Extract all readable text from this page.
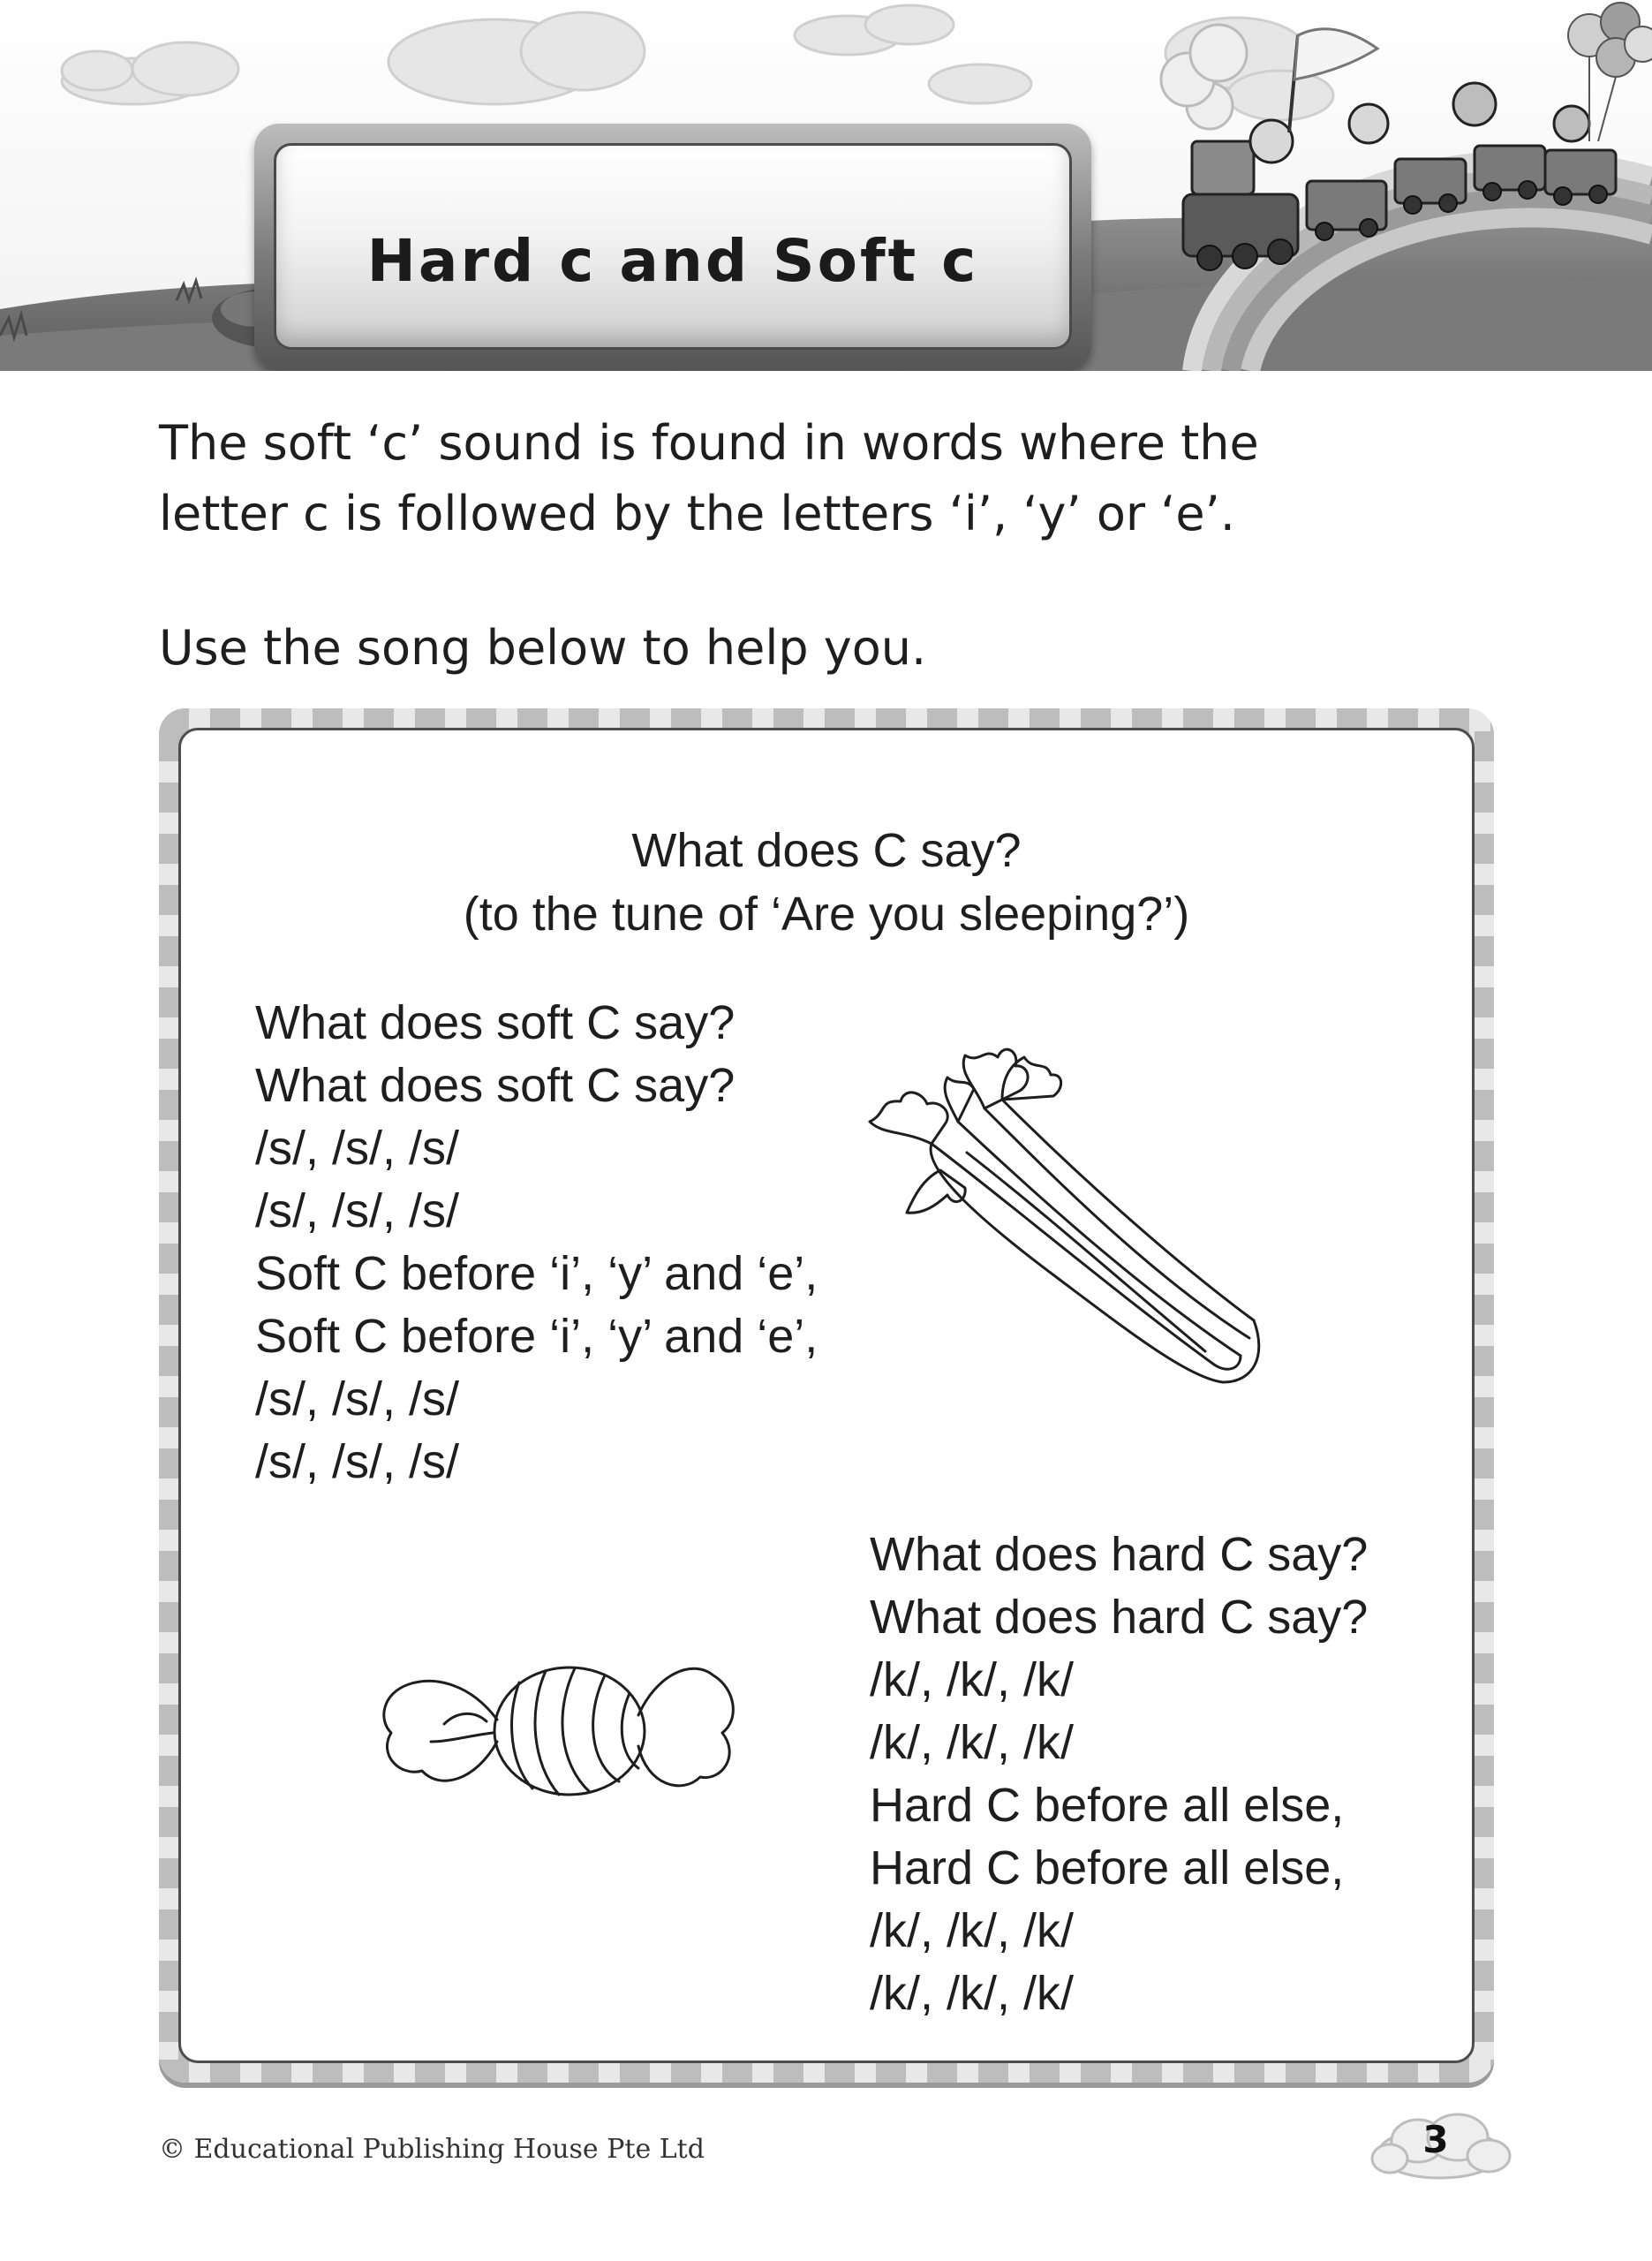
Hard c and Soft c

The soft ‘c’ sound is found in words where the

letter c is followed by the letters ‘i’, ‘y’ or ‘e’.

Use the song below to help you.

What does C say?
(to the tune of ‘Are you sleeping?’)
What does soft C say?
What does soft C say?
/s/, /s/, /s/
/s/, /s/, /s/
Soft C before ‘i’, ‘y’ and ‘e’,
Soft C before ‘i’, ‘y’ and ‘e’,
/s/, /s/, /s/
/s/, /s/, /s/
What does hard C say?
What does hard C say?
/k/, /k/, /k/
/k/, /k/, /k/
Hard C before all else,
Hard C before all else,
/k/, /k/, /k/
/k/, /k/, /k/
© Educational Publishing House Pte Ltd	3
